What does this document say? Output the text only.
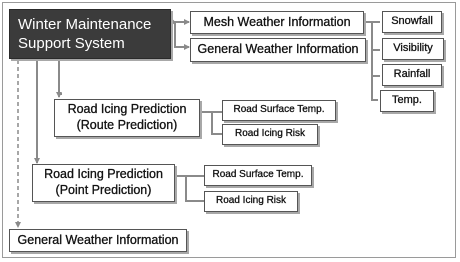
Winter Maintenance
Support System
Mesh Weather Information
General Weather Information
Snowfall
Visibility
Rainfall
Temp.
Road Icing Prediction
(Route Prediction)
Road Surface Temp.
Road Icing Risk
Road Icing Prediction
(Point Prediction)
Road Surface Temp.
Road Icing Risk
General Weather Information
